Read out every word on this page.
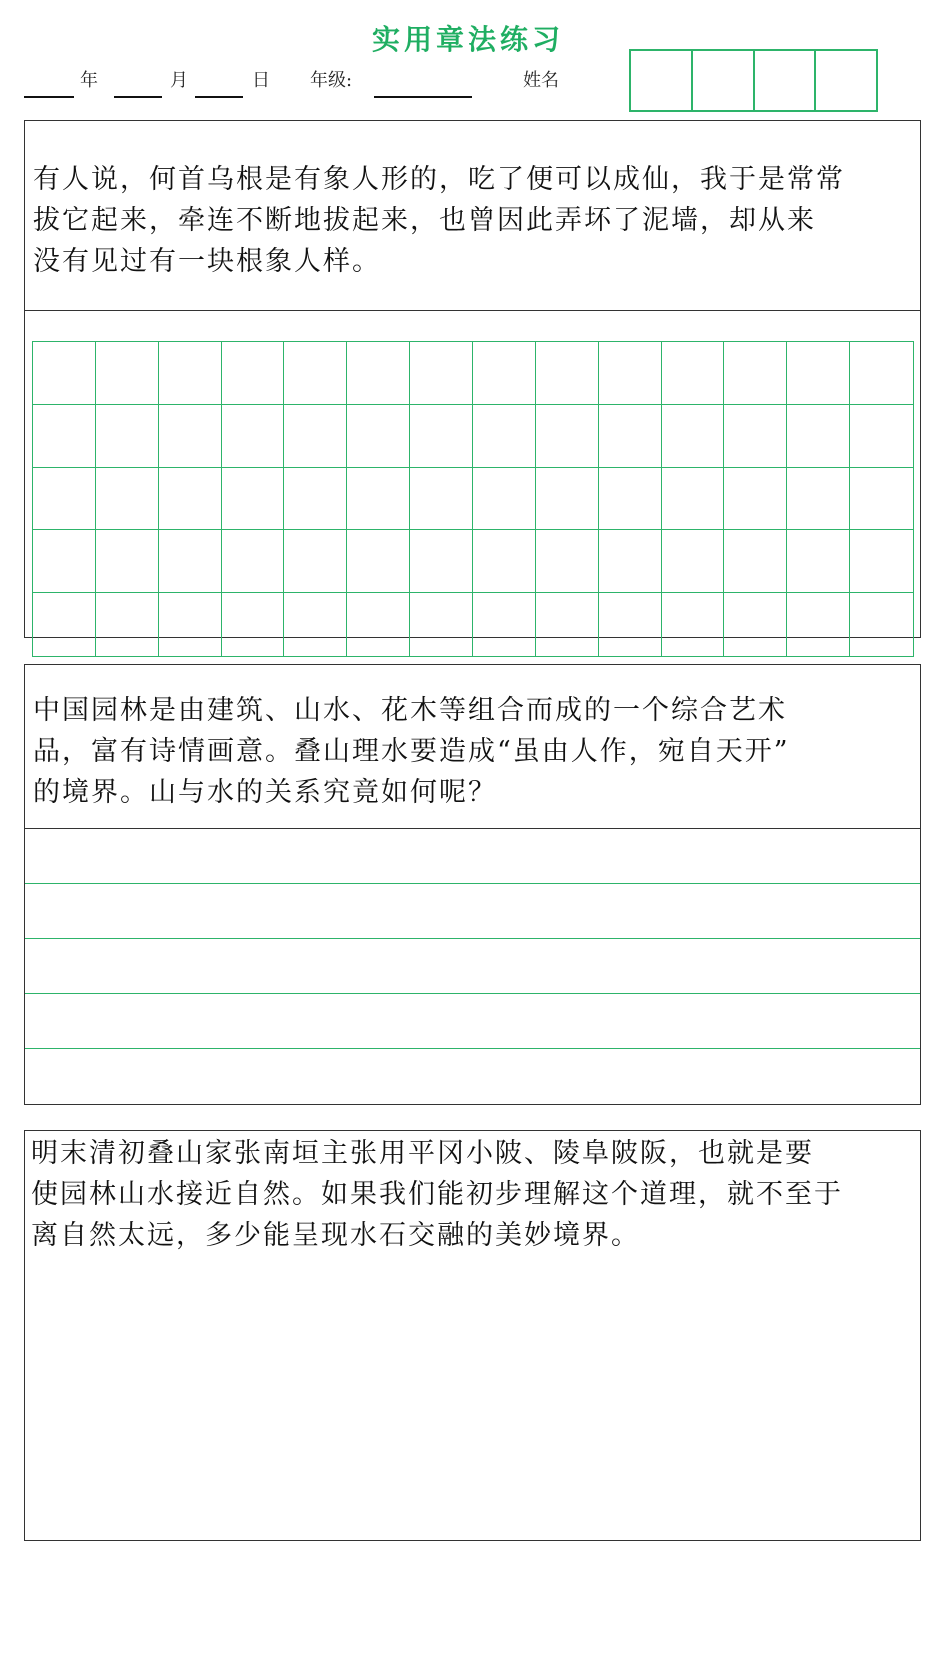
实用章法练习
年	月	日 年级:	姓名
有人说，何首乌根是有象人形的，吃了便可以成仙，我于是常常
拔它起来，牵连不断地拔起来，也曾因此弄坏了泥墙，却从来
没有见过有一块根象人样。
中国园林是由建筑、山水、花木等组合而成的一个综合艺术
品，富有诗情画意。叠山理水要造成“虽由人作，宛自天开”
的境界。山与水的关系究竟如何呢？
明末清初叠山家张南垣主张用平冈小陂、陵阜陂阪，也就是要
使园林山水接近自然。如果我们能初步理解这个道理，就不至于
离自然太远，多少能呈现水石交融的美妙境界。
